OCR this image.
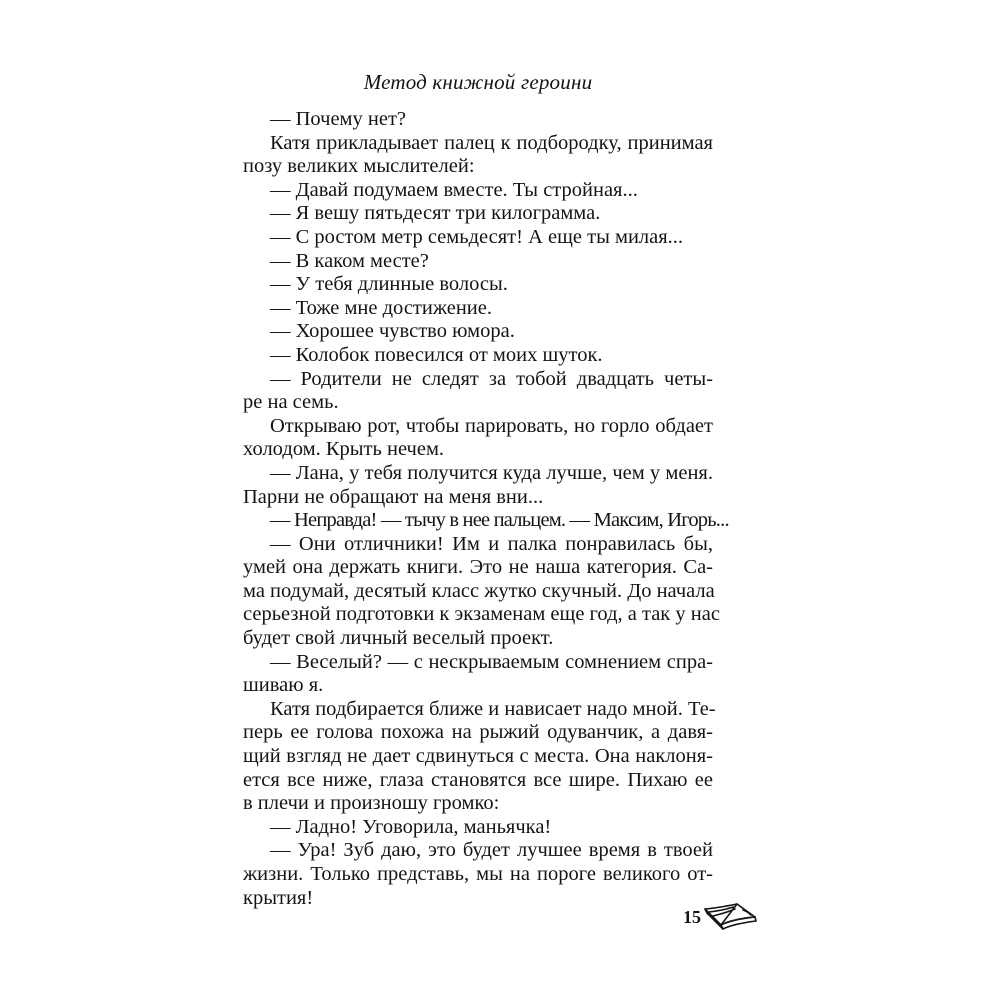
Метод книжной героини
— Почему нет?
Катя прикладывает палец к подбородку, принимая
позу великих мыслителей:
— Давай подумаем вместе. Ты стройная...
— Я вешу пятьдесят три килограмма.
— С ростом метр семьдесят! А еще ты милая...
— В каком месте?
— У тебя длинные волосы.
— Тоже мне достижение.
— Хорошее чувство юмора.
— Колобок повесился от моих шуток.
— Родители не следят за тобой двадцать четы-
ре на семь.
Открываю рот, чтобы парировать, но горло обдает
холодом. Крыть нечем.
— Лана, у тебя получится куда лучше, чем у меня.
Парни не обращают на меня вни...
— Неправда! — тычу в нее пальцем. — Максим, Игорь...
— Они отличники! Им и палка понравилась бы,
умей она держать книги. Это не наша категория. Са-
ма подумай, десятый класс жутко скучный. До начала
серьезной подготовки к экзаменам еще год, а так у нас
будет свой личный веселый проект.
— Веселый? — с нескрываемым сомнением спра-
шиваю я.
Катя подбирается ближе и нависает надо мной. Те-
перь ее голова похожа на рыжий одуванчик, а давя-
щий взгляд не дает сдвинуться с места. Она наклоня-
ется все ниже, глаза становятся все шире. Пихаю ее
в плечи и произношу громко:
— Ладно! Уговорила, маньячка!
— Ура! Зуб даю, это будет лучшее время в твоей
жизни. Только представь, мы на пороге великого от-
крытия!
15
